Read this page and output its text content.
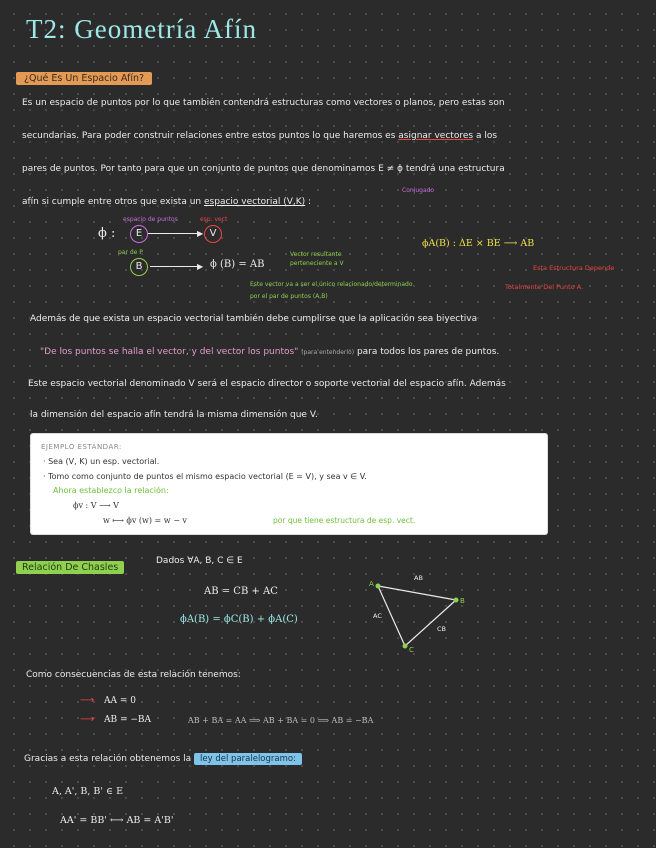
T2: Geometría Afín
¿Qué Es Un Espacio Afín?
Es un espacio de puntos por lo que también contendrá estructuras como vectores o planos, pero estas son
secundarias. Para poder construir relaciones entre estos puntos lo que haremos es asignar vectores a los
pares de puntos. Por tanto para que un conjunto de puntos que denominamos E ≠ ϕ tendrá una estructura
afín si cumple entre otros que exista un espacio vectorial (V,K) :
Conjugado
espacio de puntos	esp. vect
ϕ :	E	▶ V
par de P
B	▶ ϕ (B) = AB
Vector resultante
perteneciente a V
ϕA(B) : ΔE × BE ⟶ AB
Esta Estructura Depende
Totalmente Del Punto A.
Este vector va a ser el único relacionado/determinado
por el par de puntos (A,B)
Además de que exista un espacio vectorial también debe cumplirse que la aplicación sea biyectiva
"De los puntos se halla el vector, y del vector los puntos" (para entenderlo) para todos los pares de puntos.
Este espacio vectorial denominado V será el espacio director o soporte vectorial del espacio afín. Además
la dimensión del espacio afín tendrá la misma dimensión que V.
EJEMPLO ESTÁNDAR:
· Sea (V, K) un esp. vectorial.
· Tomo como conjunto de puntos el mismo espacio vectorial (E = V), y sea v ∈ V.
Ahora establezco la relación:
ϕv : V ⟶ V
w ⟼ ϕv (w) = w − v	por que tiene estructura de esp. vect.
Relación De Chasles
Dados ∀A, B, C ∈ E
AB = CB + AC
ϕA(B) = ϕC(B) + ϕA(C)
A
B
C
AB
AC
CB
Como consecuencias de esta relación tenemos:
⟶ AA = 0
⟶ AB = −BA	AB + BA = AA ⟹ AB + BA = 0 ⟹ AB = −BA
Gracias a esta relación obtenemos la ley del paralelogramo:
A, A', B, B' ∈ E
AA' = BB' ⟷ AB = A'B'
